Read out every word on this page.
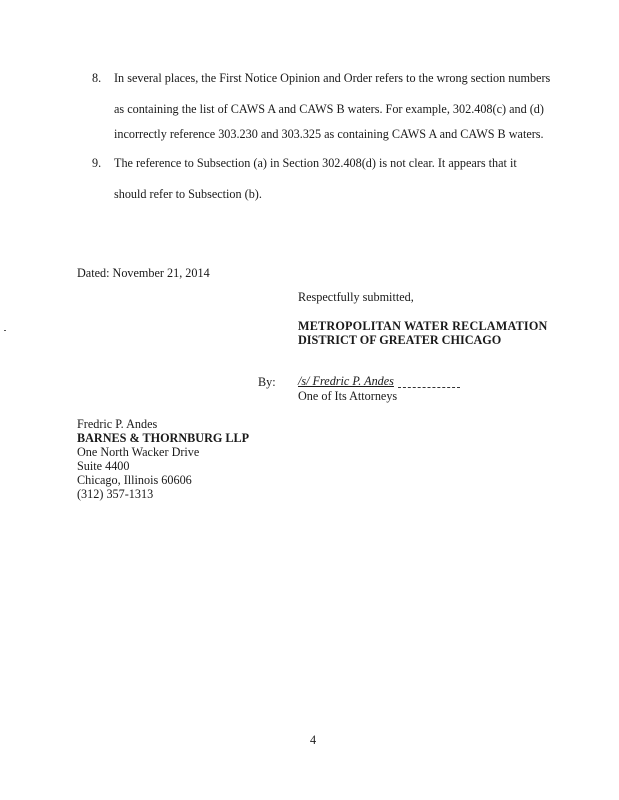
8.	In several places, the First Notice Opinion and Order refers to the wrong section numbers
as containing the list of CAWS A and CAWS B waters. For example, 302.408(c) and (d)
incorrectly reference 303.230 and 303.325 as containing CAWS A and CAWS B waters.
9.	The reference to Subsection (a) in Section 302.408(d) is not clear. It appears that it
should refer to Subsection (b).
Dated: November 21, 2014
Respectfully submitted,
METROPOLITAN WATER RECLAMATION
DISTRICT OF GREATER CHICAGO
By: /s/ Fredric P. Andes
One of Its Attorneys
Fredric P. Andes
BARNES & THORNBURG LLP
One North Wacker Drive
Suite 4400
Chicago, Illinois 60606
(312) 357-1313
4
